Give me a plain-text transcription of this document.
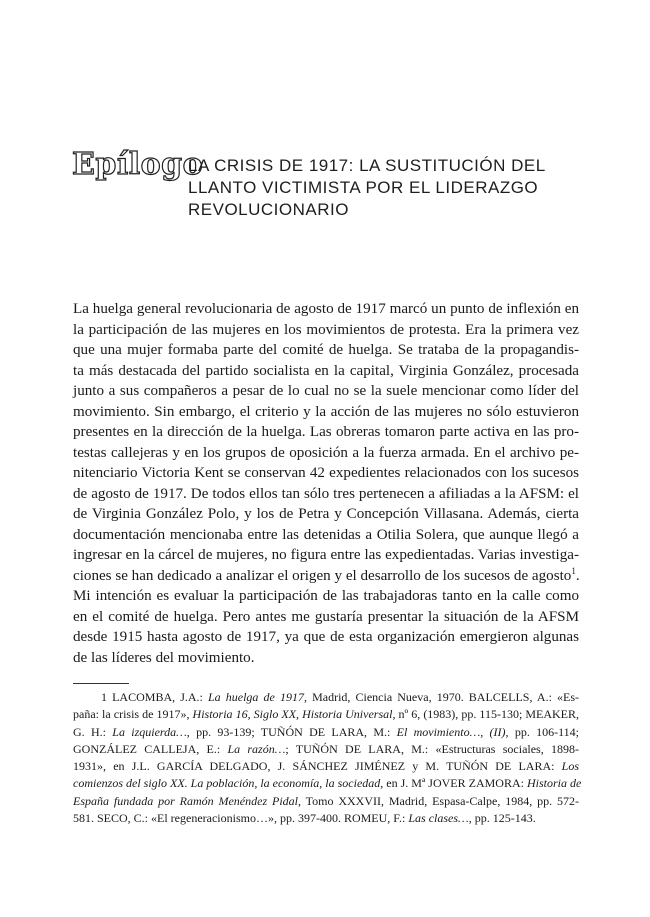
Epílogo
LA CRISIS DE 1917: LA SUSTITUCIÓN DEL
LLANTO VICTIMISTA POR EL LIDERAZGO
REVOLUCIONARIO
La huelga general revolucionaria de agosto de 1917 marcó un punto de inflexión en
la participación de las mujeres en los movimientos de protesta. Era la primera vez
que una mujer formaba parte del comité de huelga. Se trataba de la propagandis-
ta más destacada del partido socialista en la capital, Virginia González, procesada
junto a sus compañeros a pesar de lo cual no se la suele mencionar como líder del
movimiento. Sin embargo, el criterio y la acción de las mujeres no sólo estuvieron
presentes en la dirección de la huelga. Las obreras tomaron parte activa en las pro-
testas callejeras y en los grupos de oposición a la fuerza armada. En el archivo pe-
nitenciario Victoria Kent se conservan 42 expedientes relacionados con los sucesos
de agosto de 1917. De todos ellos tan sólo tres pertenecen a afiliadas a la AFSM: el
de Virginia González Polo, y los de Petra y Concepción Villasana. Además, cierta
documentación mencionaba entre las detenidas a Otilia Solera, que aunque llegó a
ingresar en la cárcel de mujeres, no figura entre las expedientadas. Varias investiga-
ciones se han dedicado a analizar el origen y el desarrollo de los sucesos de agosto$^1$.
Mi intención es evaluar la participación de las trabajadoras tanto en la calle como
en el comité de huelga. Pero antes me gustaría presentar la situación de la AFSM
desde 1915 hasta agosto de 1917, ya que de esta organización emergieron algunas
de las líderes del movimiento.
1 LACOMBA, J.A.: La huelga de 1917, Madrid, Ciencia Nueva, 1970. BALCELLS, A.: «Es-
paña: la crisis de 1917», Historia 16, Siglo XX, Historia Universal, nº 6, (1983), pp. 115-130; MEAKER,
G. H.: La izquierda…, pp. 93-139; TUÑÓN DE LARA, M.: El movimiento…, (II), pp. 106-114;
GONZÁLEZ CALLEJA, E.: La razón…; TUÑÓN DE LARA, M.: «Estructuras sociales, 1898-
1931», en J.L. GARCÍA DELGADO, J. SÁNCHEZ JIMÉNEZ y M. TUÑÓN DE LARA: Los
comienzos del siglo XX. La población, la economía, la sociedad, en J. Mª JOVER ZAMORA: Historia de
España fundada por Ramón Menéndez Pidal, Tomo XXXVII, Madrid, Espasa-Calpe, 1984, pp. 572-
581. SECO, C.: «El regeneracionismo…», pp. 397-400. ROMEU, F.: Las clases…, pp. 125-143.
